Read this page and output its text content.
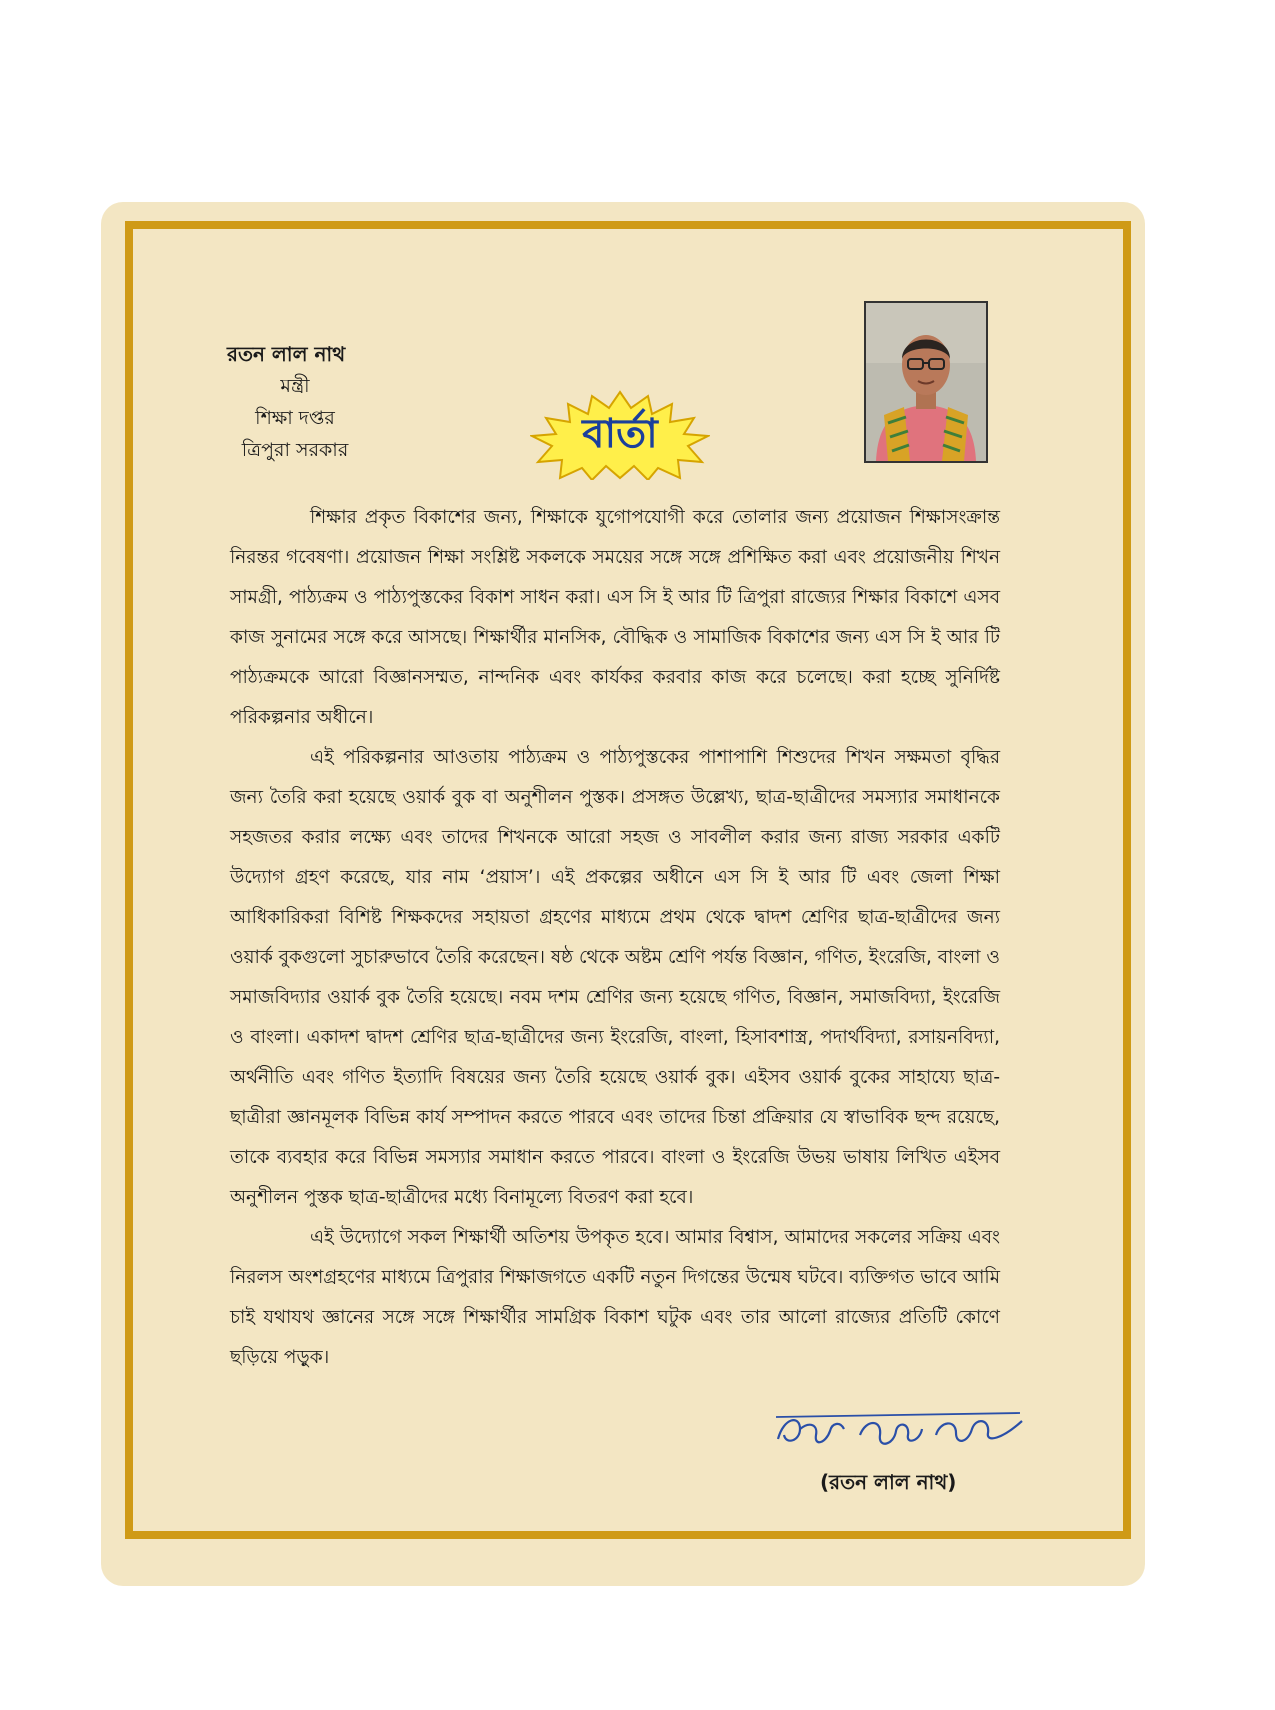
রতন লাল নাথ
মন্ত্রী
শিক্ষা দপ্তর
ত্রিপুরা সরকার	বার্তা

শিক্ষার প্রকৃত বিকাশের জন্য, শিক্ষাকে যুগোপযোগী করে তোলার জন্য প্রয়োজন শিক্ষাসংক্রান্ত নিরন্তর গবেষণা। প্রয়োজন শিক্ষা সংশ্লিষ্ট সকলকে সময়ের সঙ্গে সঙ্গে প্রশিক্ষিত করা এবং প্রয়োজনীয় শিখন সামগ্রী, পাঠ্যক্রম ও পাঠ্যপুস্তকের বিকাশ সাধন করা। এস সি ই আর টি ত্রিপুরা রাজ্যের শিক্ষার বিকাশে এসব কাজ সুনামের সঙ্গে করে আসছে। শিক্ষার্থীর মানসিক, বৌদ্ধিক ও সামাজিক বিকাশের জন্য এস সি ই আর টি পাঠ্যক্রমকে আরো বিজ্ঞানসম্মত, নান্দনিক এবং কার্যকর করবার কাজ করে চলেছে। করা হচ্ছে সুনির্দিষ্ট পরিকল্পনার অধীনে।

এই পরিকল্পনার আওতায় পাঠ্যক্রম ও পাঠ্যপুস্তকের পাশাপাশি শিশুদের শিখন সক্ষমতা বৃদ্ধির জন্য তৈরি করা হয়েছে ওয়ার্ক বুক বা অনুশীলন পুস্তক। প্রসঙ্গত উল্লেখ্য, ছাত্র-ছাত্রীদের সমস্যার সমাধানকে সহজতর করার লক্ষ্যে এবং তাদের শিখনকে আরো সহজ ও সাবলীল করার জন্য রাজ্য সরকার একটি উদ্যোগ গ্রহণ করেছে, যার নাম ‘প্রয়াস’। এই প্রকল্পের অধীনে এস সি ই আর টি এবং জেলা শিক্ষা আধিকারিকরা বিশিষ্ট শিক্ষকদের সহায়তা গ্রহণের মাধ্যমে প্রথম থেকে দ্বাদশ শ্রেণির ছাত্র-ছাত্রীদের জন্য ওয়ার্ক বুকগুলো সুচারুভাবে তৈরি করেছেন। ষষ্ঠ থেকে অষ্টম শ্রেণি পর্যন্ত বিজ্ঞান, গণিত, ইংরেজি, বাংলা ও সমাজবিদ্যার ওয়ার্ক বুক তৈরি হয়েছে। নবম দশম শ্রেণির জন্য হয়েছে গণিত, বিজ্ঞান, সমাজবিদ্যা, ইংরেজি ও বাংলা। একাদশ দ্বাদশ শ্রেণির ছাত্র-ছাত্রীদের জন্য ইংরেজি, বাংলা, হিসাবশাস্ত্র, পদার্থবিদ্যা, রসায়নবিদ্যা, অর্থনীতি এবং গণিত ইত্যাদি বিষয়ের জন্য তৈরি হয়েছে ওয়ার্ক বুক। এইসব ওয়ার্ক বুকের সাহায্যে ছাত্র-ছাত্রীরা জ্ঞানমূলক বিভিন্ন কার্য সম্পাদন করতে পারবে এবং তাদের চিন্তা প্রক্রিয়ার যে স্বাভাবিক ছন্দ রয়েছে, তাকে ব্যবহার করে বিভিন্ন সমস্যার সমাধান করতে পারবে। বাংলা ও ইংরেজি উভয় ভাষায় লিখিত এইসব অনুশীলন পুস্তক ছাত্র-ছাত্রীদের মধ্যে বিনামূল্যে বিতরণ করা হবে।

এই উদ্যোগে সকল শিক্ষার্থী অতিশয় উপকৃত হবে। আমার বিশ্বাস, আমাদের সকলের সক্রিয় এবং নিরলস অংশগ্রহণের মাধ্যমে ত্রিপুরার শিক্ষাজগতে একটি নতুন দিগন্তের উন্মেষ ঘটবে। ব্যক্তিগত ভাবে আমি চাই যথাযথ জ্ঞানের সঙ্গে সঙ্গে শিক্ষার্থীর সামগ্রিক বিকাশ ঘটুক এবং তার আলো রাজ্যের প্রতিটি কোণে ছড়িয়ে পড়ুক।

(রতন লাল নাথ)
